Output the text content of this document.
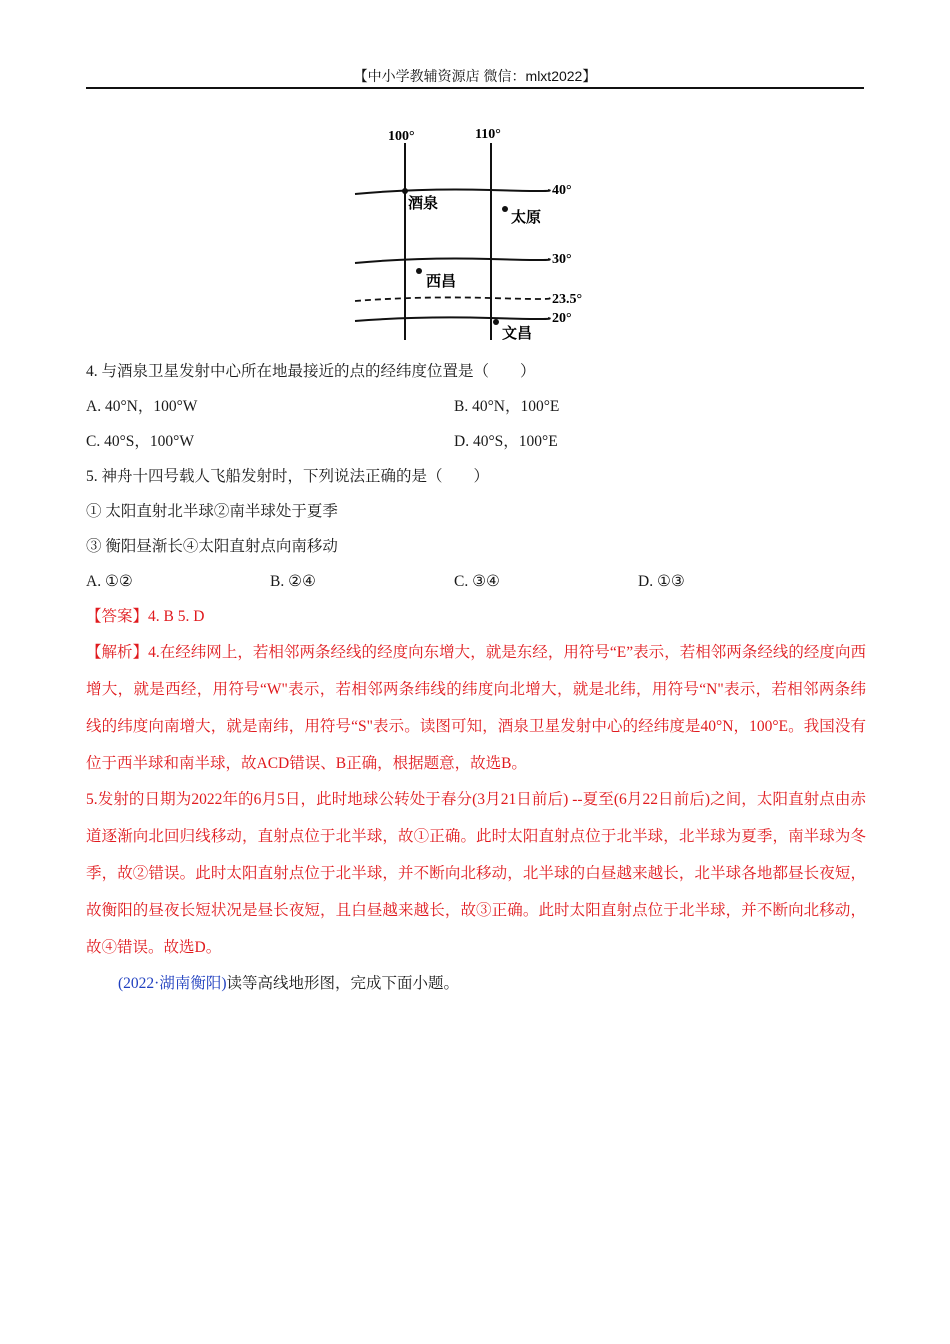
【中小学教辅资源店 微信：mlxt2022】
100°	110°
40°
30°
23.5°
20°
酒泉
太原
西昌
文昌
4. 与酒泉卫星发射中心所在地最接近的点的经纬度位置是（　　）
A. 40°N，100°W	B. 40°N，100°E
C. 40°S，100°W	D. 40°S，100°E
5. 神舟十四号载人飞船发射时，下列说法正确的是（　　）
① 太阳直射北半球②南半球处于夏季
③ 衡阳昼渐长④太阳直射点向南移动
A. ①②	B. ②④	C. ③④	D. ①③
【答案】4. B 5. D
【解析】4.在经纬网上，若相邻两条经线的经度向东增大，就是东经，用符号“E”表示，若相邻两条经线的经度向西增大，就是西经，用符号“W"表示，若相邻两条纬线的纬度向北增大，就是北纬，用符号“N"表示，若相邻两条纬线的纬度向南增大，就是南纬，用符号“S"表示。读图可知，酒泉卫星发射中心的经纬度是40°N，100°E。我国没有位于西半球和南半球，故ACD错误、B正确，根据题意，故选B。
5.发射的日期为2022年的6月5日，此时地球公转处于春分(3月21日前后) --夏至(6月22日前后)之间，太阳直射点由赤道逐渐向北回归线移动，直射点位于北半球，故①正确。此时太阳直射点位于北半球，北半球为夏季，南半球为冬季，故②错误。此时太阳直射点位于北半球，并不断向北移动，北半球的白昼越来越长，北半球各地都昼长夜短，故衡阳的昼夜长短状况是昼长夜短，且白昼越来越长，故③正确。此时太阳直射点位于北半球，并不断向北移动，故④错误。故选D。
(2022·湖南衡阳)读等高线地形图，完成下面小题。
